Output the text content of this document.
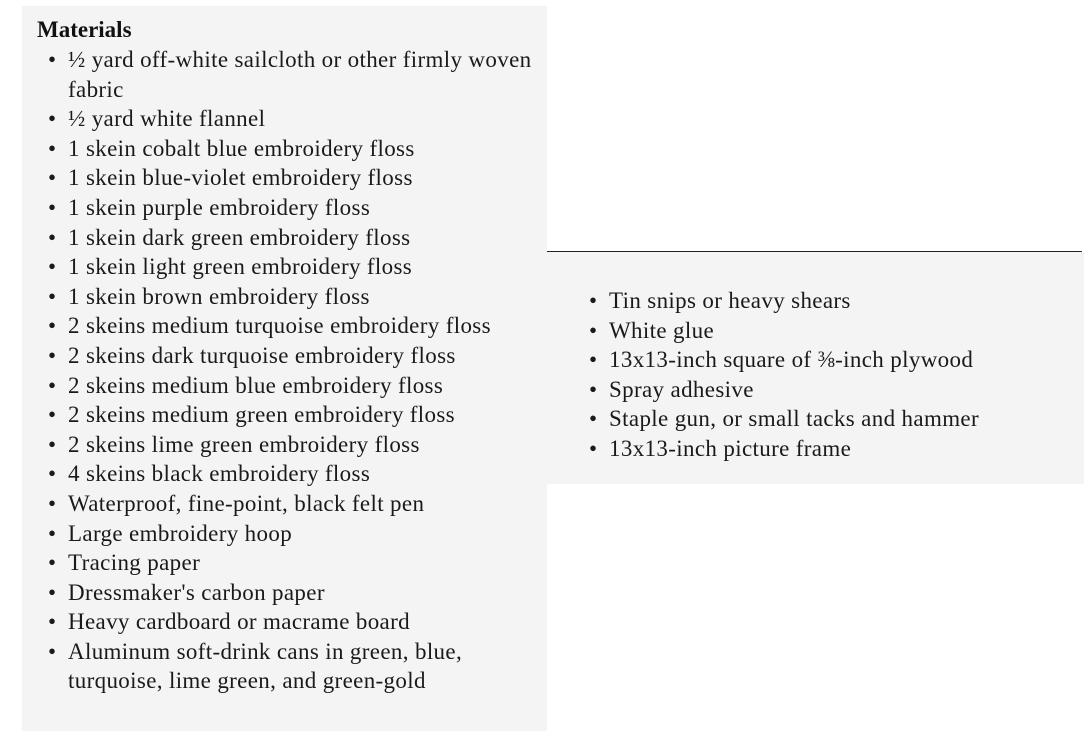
Materials
• ½ yard off-white sailcloth or other firmly woven fabric
• ½ yard white flannel
• 1 skein cobalt blue embroidery floss
• 1 skein blue-violet embroidery floss
• 1 skein purple embroidery floss
• 1 skein dark green embroidery floss
• 1 skein light green embroidery floss
• 1 skein brown embroidery floss
• 2 skeins medium turquoise embroidery floss
• 2 skeins dark turquoise embroidery floss
• 2 skeins medium blue embroidery floss
• 2 skeins medium green embroidery floss
• 2 skeins lime green embroidery floss
• 4 skeins black embroidery floss
• Waterproof, fine-point, black felt pen
• Large embroidery hoop
• Tracing paper
• Dressmaker's carbon paper
• Heavy cardboard or macrame board
• Aluminum soft-drink cans in green, blue, turquoise, lime green, and green-gold
• Tin snips or heavy shears
• White glue
• 13x13-inch square of ⅜-inch plywood
• Spray adhesive
• Staple gun, or small tacks and hammer
• 13x13-inch picture frame
